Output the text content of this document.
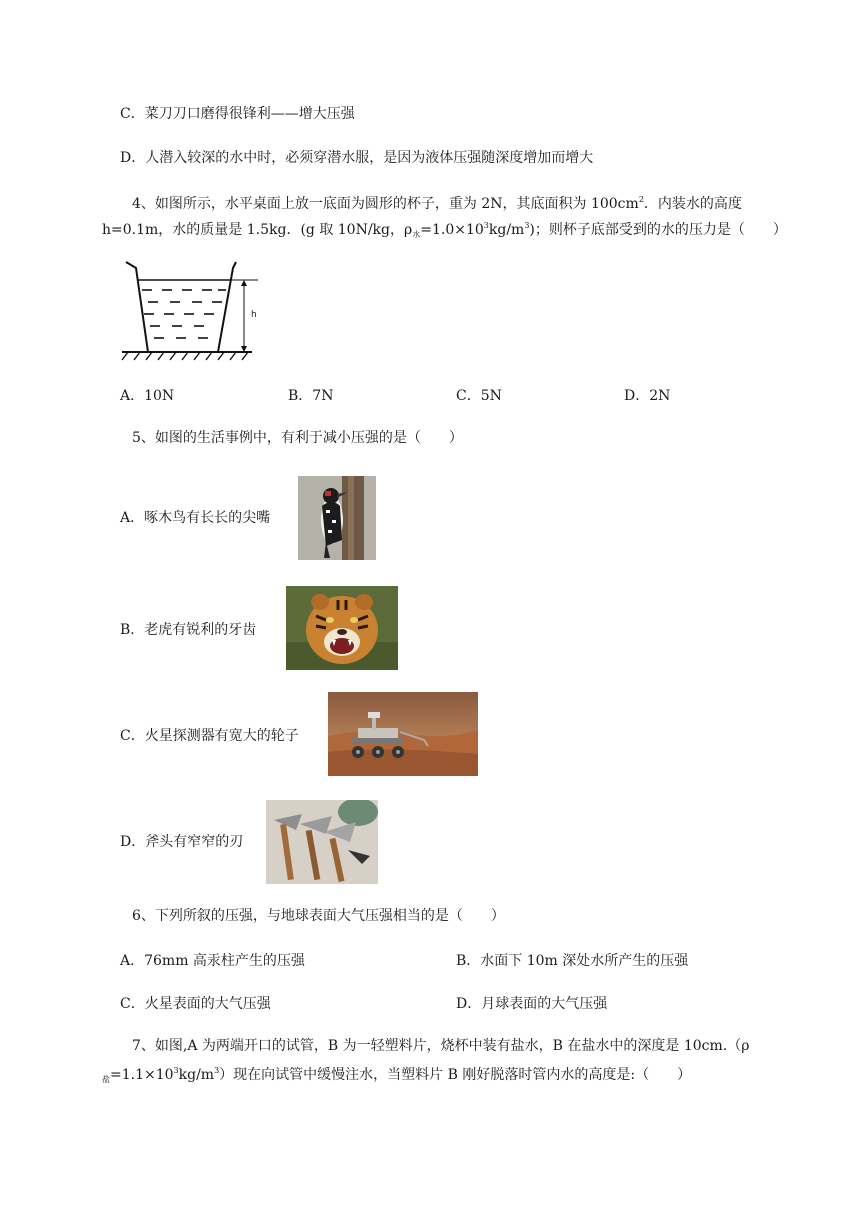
C．菜刀刀口磨得很锋利——增大压强
D．人潜入较深的水中时，必须穿潜水服，是因为液体压强随深度增加而增大
4、如图所示，水平桌面上放一底面为圆形的杯子，重为 2N，其底面积为 $100cm^2$．内装水的高度
h=0.1m，水的质量是 1.5kg．(g 取 10N/kg，$\rho_水=1.0\times 10^3kg/m^3$)；则杯子底部受到的水的压力是（　　）
h
A．10N	B．7N	C．5N	D．2N
5、如图的生活事例中，有利于减小压强的是（　　）
A．啄木鸟有长长的尖嘴
B．老虎有锐利的牙齿
C．火星探测器有宽大的轮子
D．斧头有窄窄的刃
6、下列所叙的压强，与地球表面大气压强相当的是（　　）
A．76mm 高汞柱产生的压强	B．水面下 10m 深处水所产生的压强
C．火星表面的大气压强	D．月球表面的大气压强
7、如图,A 为两端开口的试管，B 为一轻塑料片，烧杯中装有盐水，B 在盐水中的深度是 10cm.（ρ
$_盐=1.1\times 10^3kg/m^3$）现在向试管中缓慢注水，当塑料片 B 刚好脱落时管内水的高度是:（　　）
